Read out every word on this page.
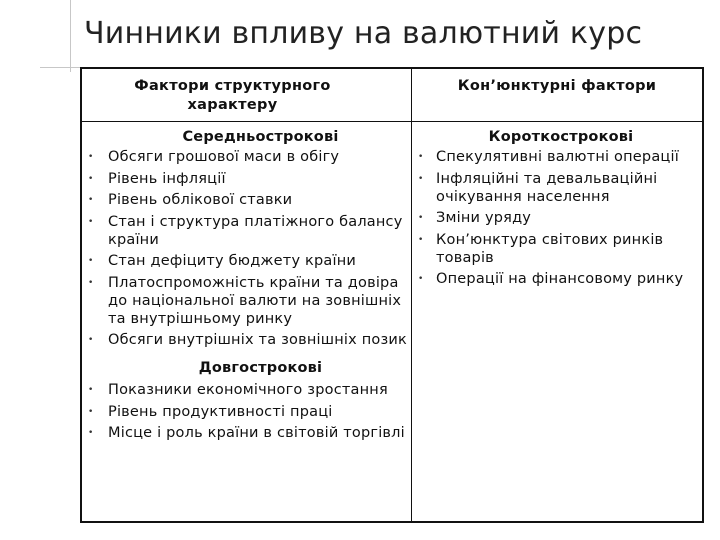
Чинники впливу на валютний курс
Фактори структурного характеру
Кон’юнктурні фактори
Середньострокові
• Обсяги грошової маси в обігу
• Рівень інфляції
• Рівень облікової ставки
• Стан і структура платіжного балансу країни
• Стан дефіциту бюджету країни
• Платоспроможність країни та довіра до національної валюти на зовнішніх та внутрішньому ринку
• Обсяги внутрішніх та зовнішніх позик
Довгострокові
• Показники економічного зростання
• Рівень продуктивності праці
• Місце і роль країни в світовій торгівлі
Короткострокові
• Спекулятивні валютні операції
• Інфляційні та девальваційні очікування населення
• Зміни уряду
• Кон’юнктура світових ринків товарів
• Операції на фінансовому ринку
